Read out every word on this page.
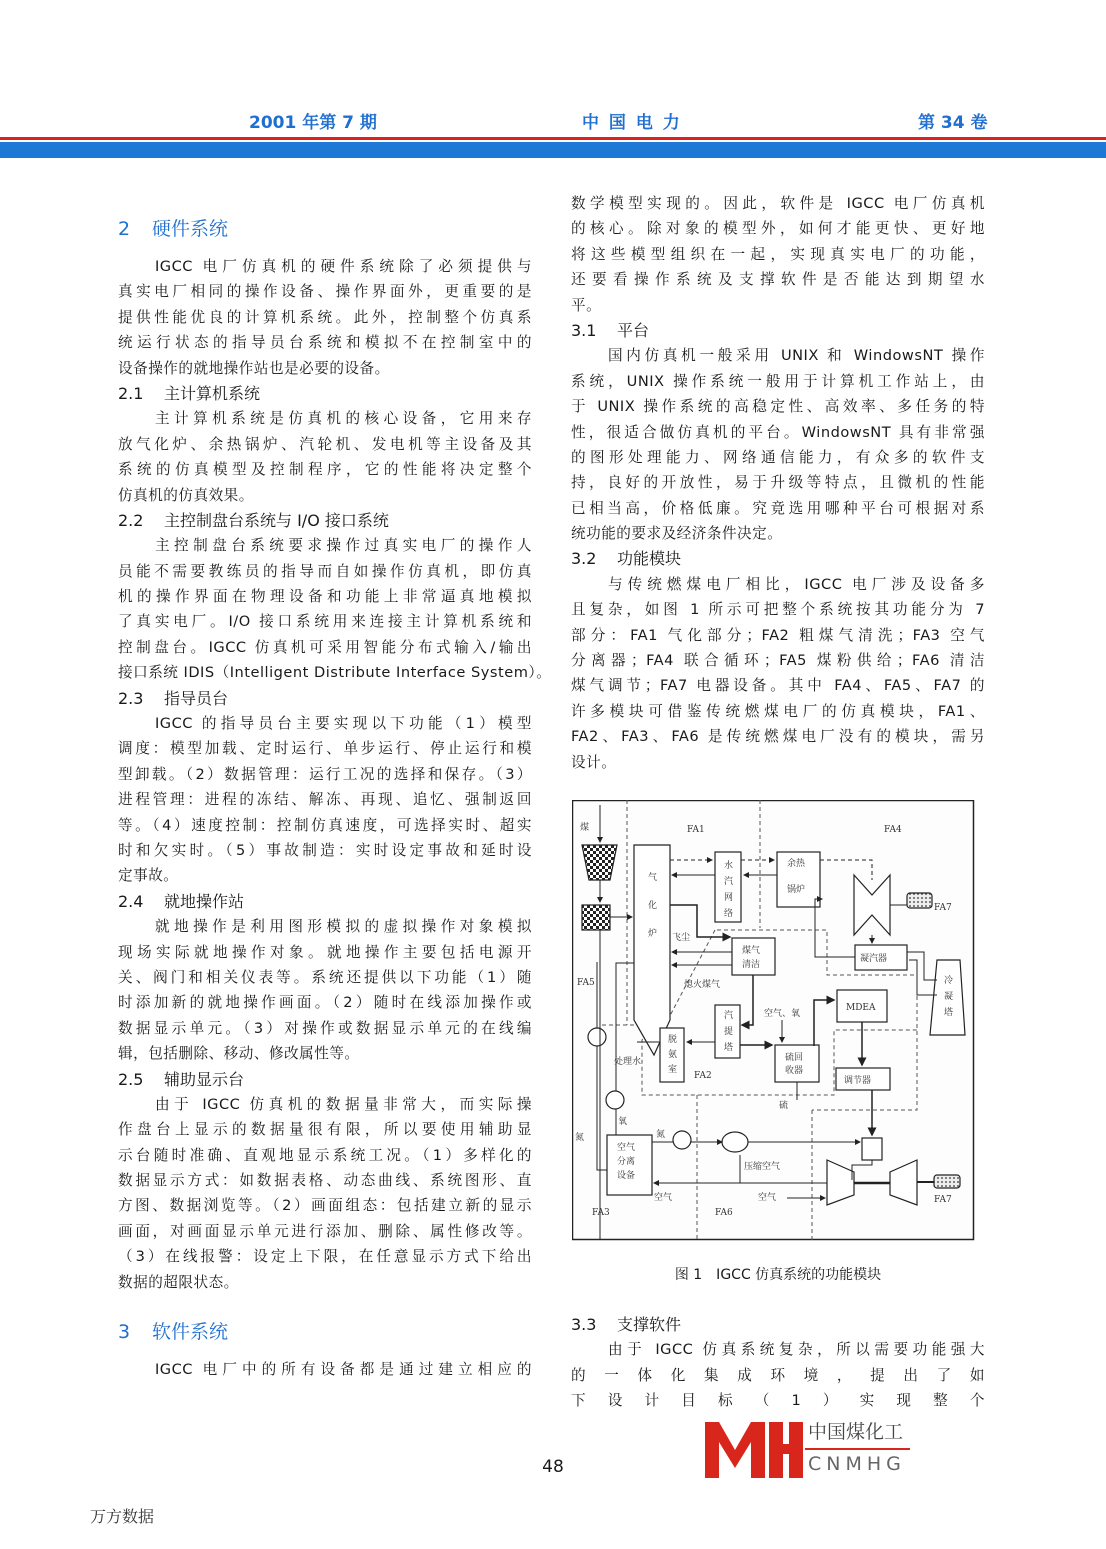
2001 年第 7 期	中 国 电 力	第 34 卷
2 硬件系统
IGCC 电厂仿真机的硬件系统除了必须提供与
真实电厂相同的操作设备、操作界面外，更重要的是
提供性能优良的计算机系统。此外，控制整个仿真系
统运行状态的指导员台系统和模拟不在控制室中的
设备操作的就地操作站也是必要的设备。
2.1 主计算机系统
主计算机系统是仿真机的核心设备，它用来存
放气化炉、余热锅炉、汽轮机、发电机等主设备及其
系统的仿真模型及控制程序，它的性能将决定整个
仿真机的仿真效果。
2.2 主控制盘台系统与 I/O 接口系统
主控制盘台系统要求操作过真实电厂的操作人
员能不需要教练员的指导而自如操作仿真机，即仿真
机的操作界面在物理设备和功能上非常逼真地模拟
了真实电厂。I/O 接口系统用来连接主计算机系统和
控制盘台。IGCC 仿真机可采用智能分布式输入/输出
接口系统 IDIS（Intelligent Distribute Interface System）。
2.3 指导员台
IGCC 的指导员台主要实现以下功能（1）模型
调度：模型加载、定时运行、单步运行、停止运行和模
型卸载。（2）数据管理：运行工况的选择和保存。（3）
进程管理：进程的冻结、解冻、再现、追忆、强制返回
等。（4）速度控制：控制仿真速度，可选择实时、超实
时和欠实时。（5）事故制造：实时设定事故和延时设
定事故。
2.4 就地操作站
就地操作是利用图形模拟的虚拟操作对象模拟
现场实际就地操作对象。就地操作主要包括电源开
关、阀门和相关仪表等。系统还提供以下功能（1）随
时添加新的就地操作画面。（2）随时在线添加操作或
数据显示单元。（3）对操作或数据显示单元的在线编
辑，包括删除、移动、修改属性等。
2.5 辅助显示台
由于 IGCC 仿真机的数据量非常大，而实际操
作盘台上显示的数据量很有限，所以要使用辅助显
示台随时准确、直观地显示系统工况。（1）多样化的
数据显示方式：如数据表格、动态曲线、系统图形、直
方图、数据浏览等。（2）画面组态：包括建立新的显示
画面，对画面显示单元进行添加、删除、属性修改等。
（3）在线报警：设定上下限，在任意显示方式下给出
数据的超限状态。
3 软件系统
IGCC 电厂中的所有设备都是通过建立相应的
数学模型实现的。因此，软件是 IGCC 电厂仿真机
的核心。除对象的模型外，如何才能更快、更好地
将这些模型组织在一起，实现真实电厂的功能，
还要看操作系统及支撑软件是否能达到期望水
平。
3.1 平台
国内仿真机一般采用 UNIX 和 WindowsNT 操作
系统，UNIX 操作系统一般用于计算机工作站上，由
于 UNIX 操作系统的高稳定性、高效率、多任务的特
性，很适合做仿真机的平台。WindowsNT 具有非常强
的图形处理能力、网络通信能力，有众多的软件支
持，良好的开放性，易于升级等特点，且微机的性能
已相当高，价格低廉。究竟选用哪种平台可根据对系
统功能的要求及经济条件决定。
3.2 功能模块
与传统燃煤电厂相比，IGCC 电厂涉及设备多
且复杂，如图 1 所示可把整个系统按其功能分为 7
部分：FA1 气化部分；FA2 粗煤气清洗；FA3 空气
分离器；FA4 联合循环；FA5 煤粉供给；FA6 清洁
煤气调节；FA7 电器设备。其中 FA4、FA5、FA7 的
许多模块可借鉴传统燃煤电厂的仿真模块，FA1、
FA2、FA3、FA6 是传统燃煤电厂没有的模块，需另
设计。
3.3 支撑软件
由于 IGCC 仿真系统复杂，所以需要功能强大
的一体化集成环境，提出了如
下设计目标（1）实现整个
煤	FA1	FA4
FA5
FA2
FA3	FA6
FA7
FA7
飞尘
熄火煤气
凝汽器
MDEA
空气、氧
处理水
调节器
硫
氧
氮	氮
压缩空气
空气	空气
气
化
炉
水
汽
网
络
汽
提
塔
脱
氨
室
冷
凝
塔
余热
锅炉
煤气
清洁
硫回
收器
空气
分离
设备
图 1　IGCC 仿真系统的功能模块
中国煤化工
CNMHG
48
万方数据
